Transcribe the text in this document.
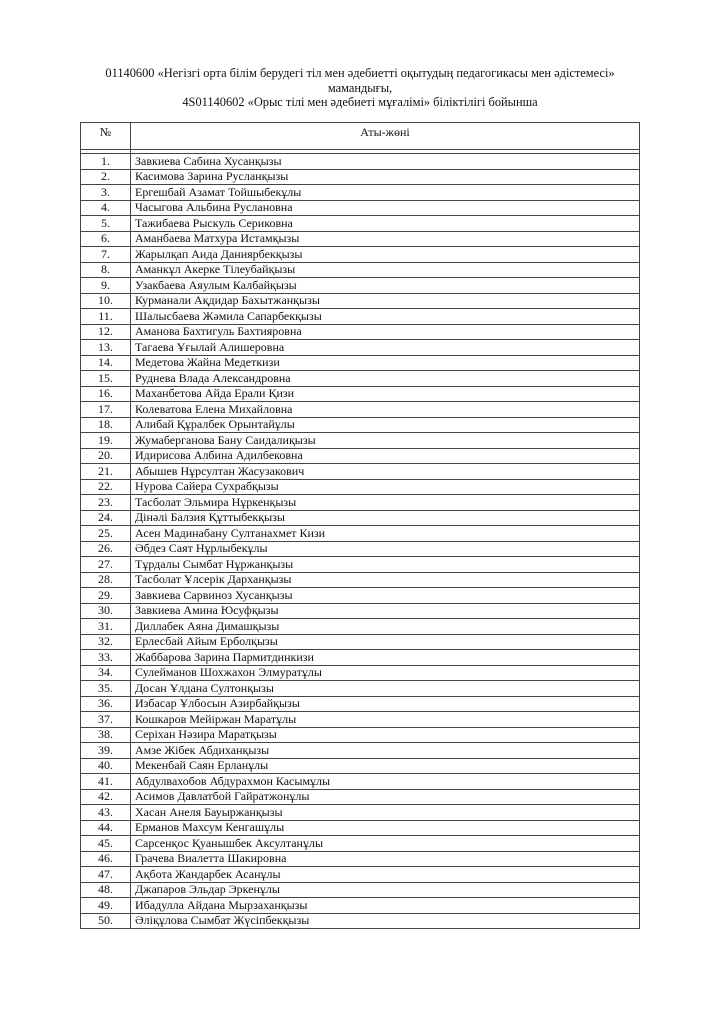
01140600 «Негізгі орта білім берудегі тіл мен әдебиетті оқытудың педагогикасы мен әдістемесі»
мамандығы,
4S01140602 «Орыс тілі мен әдебиеті мұғалімі» біліктілігі бойынша
№	Аты-жөні

1.	Завкиева Сабина Хусанқызы
2.	Касимова Зарина Русланқызы
3.	Ергешбай Азамат Тойшыбекұлы
4.	Часыгова Альбина Руслановна
5.	Тажибаева Рыскуль Сериковна
6.	Аманбаева Матхура Истамқызы
7.	Жарылқап Аида Даниярбекқызы
8.	Аманкұл Акерке Тілеубайқызы
9.	Узакбаева Аяулым Калбайқызы
10.	Курманали Ақдидар Бахытжанқызы
11.	Шалысбаева Жәмила Сапарбекқызы
12.	Аманова Бахтигуль Бахтияровна
13.	Тагаева Ұғылай Алишеровна
14.	Медетова Жайна Медеткизи
15.	Руднева Влада Александровна
16.	Маханбетова Айда Ерали Қизи
17.	Колеватова Елена Михайловна
18.	Алибай Құралбек Орынтайұлы
19.	Жумаберганова Бану Саидалиқызы
20.	Идирисова Албина Адилбековна
21.	Абышев Нұрсултан Жасузакович
22.	Нурова Сайера Сухрабқызы
23.	Тасболат Эльмира Нұркенқызы
24.	Дінәлі Балзия Құттыбекқызы
25.	Асен Мадинабану Султанахмет Кизи
26.	Әбдез Саят Нұрлыбекұлы
27.	Тұрдалы Сымбат Нұржанқызы
28.	Тасболат Ұлсерік Дарханқызы
29.	Завкиева Сарвиноз Хусанқызы
30.	Завкиева Амина Юсуфқызы
31.	Диллабек Аяна Димашқызы
32.	Ерлесбай Айым Ерболқызы
33.	Жаббарова Зарина Пармитдинкизи
34.	Сулейманов Шохжахон Элмуратұлы
35.	Досан Ұлдана Султонқызы
36.	Избасар Ұлбосын Азирбайқызы
37.	Кошкаров Мейіржан Маратұлы
38.	Серіхан Нәзира Маратқызы
39.	Амзе Жібек Абдиханқызы
40.	Мекенбай Саян Ерланұлы
41.	Абдулвахобов Абдурахмон Касымұлы
42.	Асимов Давлатбой Гайратжонұлы
43.	Хасан Анеля Бауыржанқызы
44.	Ерманов Махсум Кенгашұлы
45.	Сарсенқос Қуанышбек Аксултанұлы
46.	Грачева Виалетта Шакировна
47.	Ақбота Жандарбек Асанұлы
48.	Джапаров Эльдар Эркенұлы
49.	Ибадулла Айдана Мырзаханқызы
50.	Әліқұлова Сымбат Жүсіпбекқызы
